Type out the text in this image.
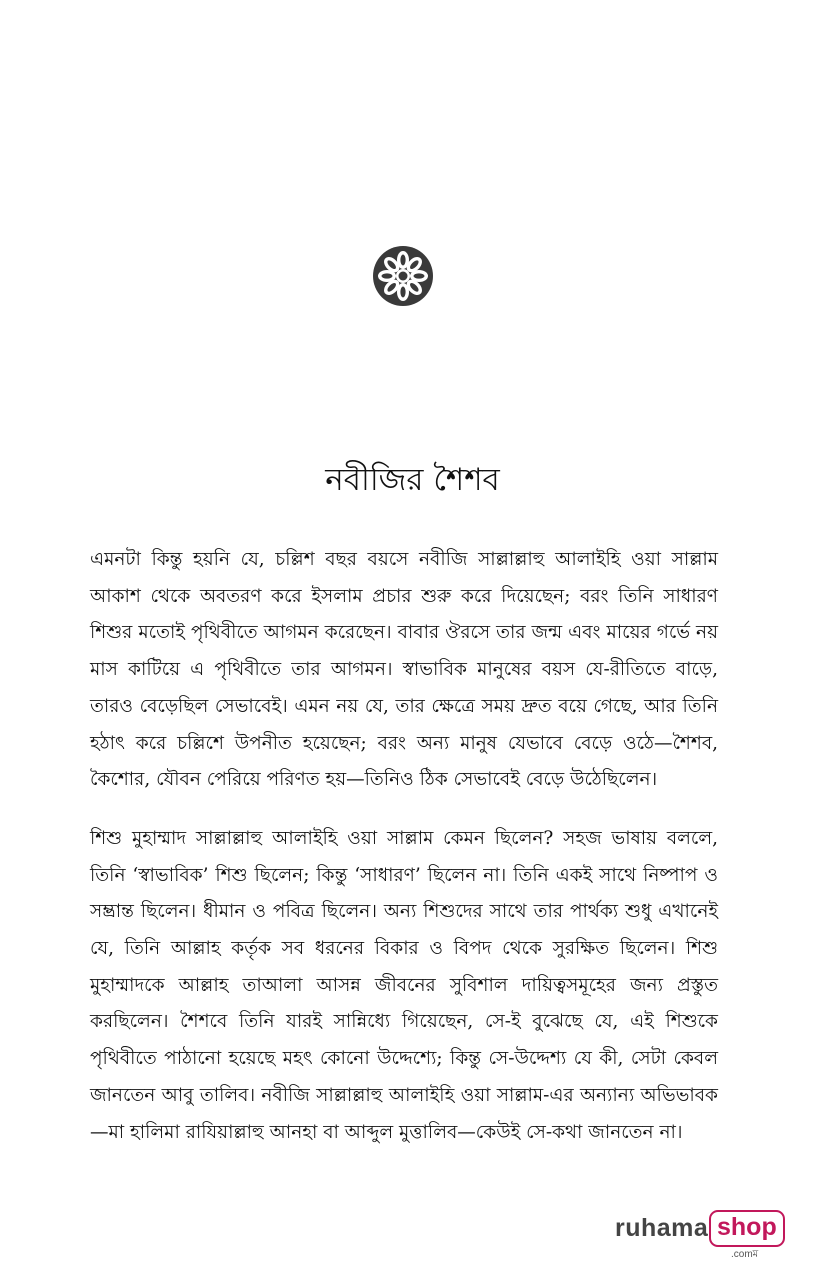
নবীজির শৈশব

এমনটা কিন্তু হয়নি যে, চল্লিশ বছর বয়সে নবীজি সাল্লাল্লাহু আলাইহি ওয়া সাল্লাম আকাশ থেকে অবতরণ করে ইসলাম প্রচার শুরু করে দিয়েছেন; বরং তিনি সাধারণ শিশুর মতোই পৃথিবীতে আগমন করেছেন। বাবার ঔরসে তার জন্ম এবং মায়ের গর্ভে নয় মাস কাটিয়ে এ পৃথিবীতে তার আগমন। স্বাভাবিক মানুষের বয়স যে-রীতিতে বাড়ে, তারও বেড়েছিল সেভাবেই। এমন নয় যে, তার ক্ষেত্রে সময় দ্রুত বয়ে গেছে, আর তিনি হঠাৎ করে চল্লিশে উপনীত হয়েছেন; বরং অন্য মানুষ যেভাবে বেড়ে ওঠে—শৈশব, কৈশোর, যৌবন পেরিয়ে পরিণত হয়—তিনিও ঠিক সেভাবেই বেড়ে উঠেছিলেন।

শিশু মুহাম্মাদ সাল্লাল্লাহু আলাইহি ওয়া সাল্লাম কেমন ছিলেন? সহজ ভাষায় বললে, তিনি ‘স্বাভাবিক’ শিশু ছিলেন; কিন্তু ‘সাধারণ’ ছিলেন না। তিনি একই সাথে নিষ্পাপ ও সম্ভ্রান্ত ছিলেন। ধীমান ও পবিত্র ছিলেন। অন্য শিশুদের সাথে তার পার্থক্য শুধু এখানেই যে, তিনি আল্লাহ কর্তৃক সব ধরনের বিকার ও বিপদ থেকে সুরক্ষিত ছিলেন। শিশু মুহাম্মাদকে আল্লাহ তাআলা আসন্ন জীবনের সুবিশাল দায়িত্বসমূহের জন্য প্রস্তুত করছিলেন। শৈশবে তিনি যারই সান্নিধ্যে গিয়েছেন, সে-ই বুঝেছে যে, এই শিশুকে পৃথিবীতে পাঠানো হয়েছে মহৎ কোনো উদ্দেশ্যে; কিন্তু সে-উদ্দেশ্য যে কী, সেটা কেবল জানতেন আবু তালিব। নবীজি সাল্লাল্লাহু আলাইহি ওয়া সাল্লাম-এর অন্যান্য অভিভাবক—মা হালিমা রাযিয়াল্লাহু আনহা বা আব্দুল মুত্তালিব—কেউই সে-কথা জানতেন না।

ruhama shop
.comম
